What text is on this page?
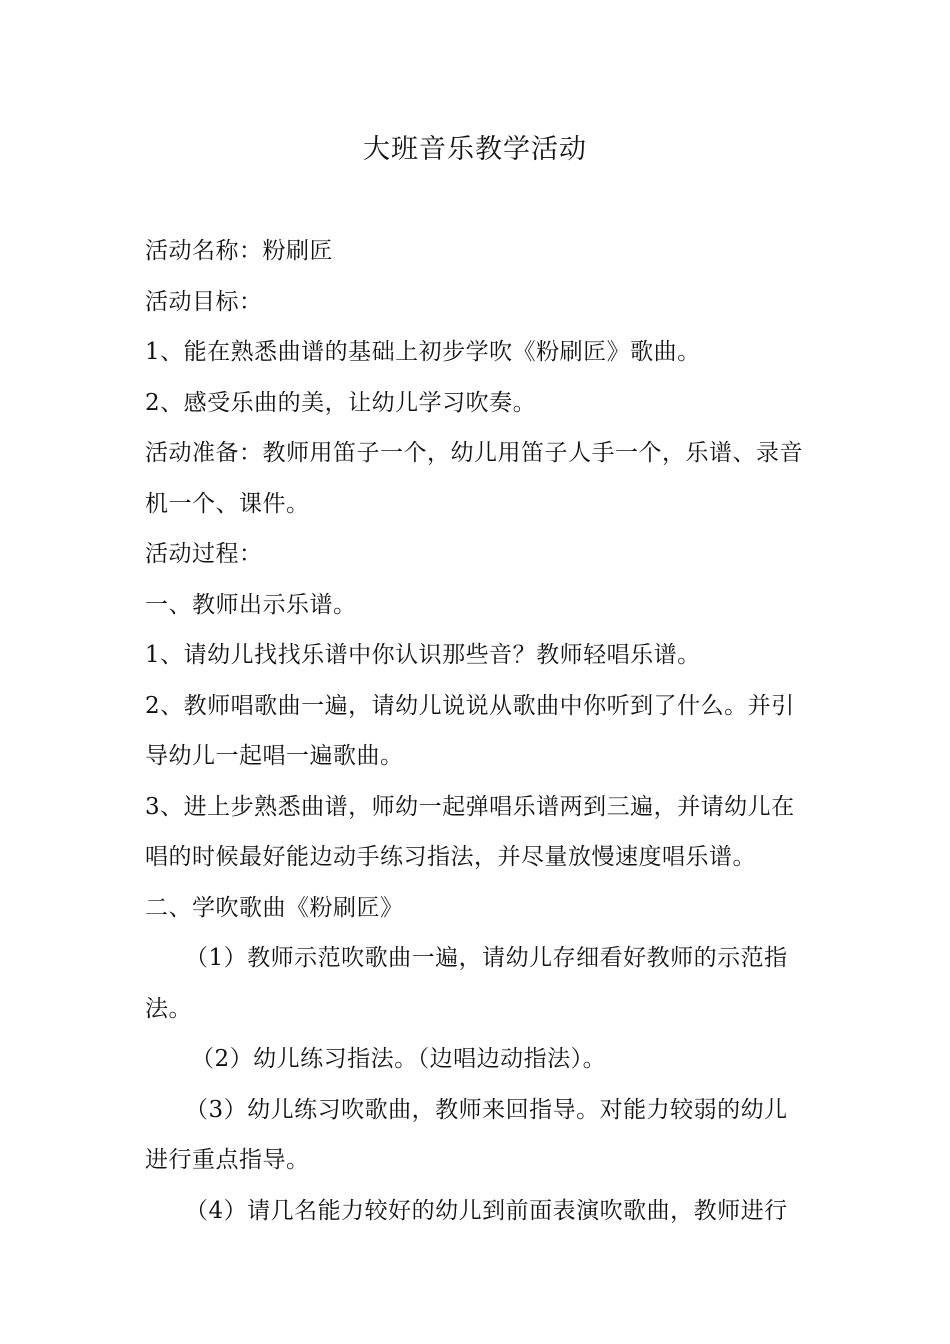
大班音乐教学活动

活动名称：粉刷匠

活动目标：

1、能在熟悉曲谱的基础上初步学吹《粉刷匠》歌曲。

2、感受乐曲的美，让幼儿学习吹奏。

活动准备：教师用笛子一个，幼儿用笛子人手一个，乐谱、录音机一个、课件。

活动过程：

一、教师出示乐谱。

1、请幼儿找找乐谱中你认识那些音？教师轻唱乐谱。

2、教师唱歌曲一遍，请幼儿说说从歌曲中你听到了什么。并引导幼儿一起唱一遍歌曲。

3、进上步熟悉曲谱，师幼一起弹唱乐谱两到三遍，并请幼儿在唱的时候最好能边动手练习指法，并尽量放慢速度唱乐谱。

二、学吹歌曲《粉刷匠》

（1）教师示范吹歌曲一遍，请幼儿存细看好教师的示范指法。

（2）幼儿练习指法。（边唱边动指法）。

（3）幼儿练习吹歌曲，教师来回指导。对能力较弱的幼儿进行重点指导。

（4）请几名能力较好的幼儿到前面表演吹歌曲，教师进行
